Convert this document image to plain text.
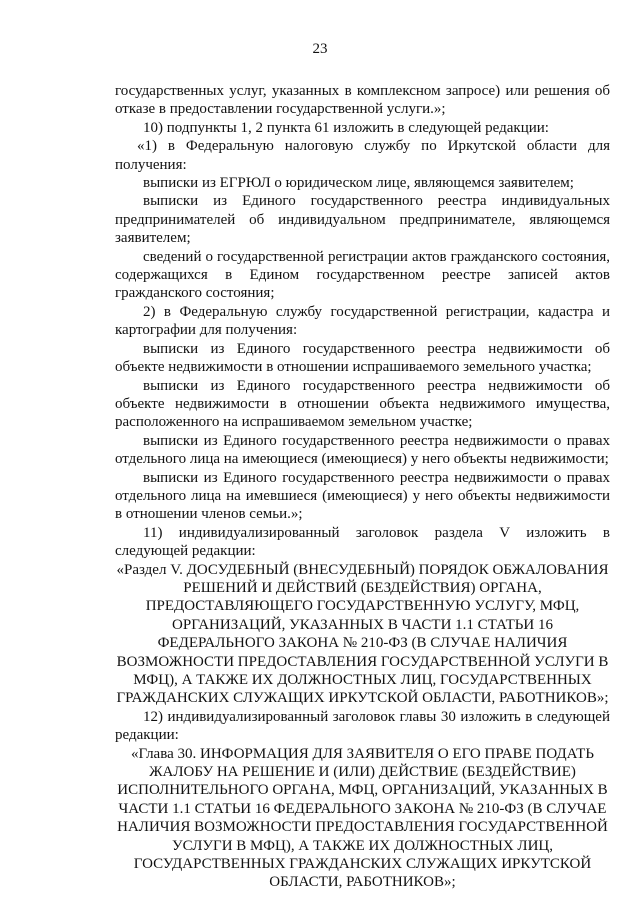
23

государственных услуг, указанных в комплексном запросе) или решения об отказе в предоставлении государственной услуги.»;

10) подпункты 1, 2 пункта 61 изложить в следующей редакции:

«1) в Федеральную налоговую службу по Иркутской области для получения:

выписки из ЕГРЮЛ о юридическом лице, являющемся заявителем;

выписки из Единого государственного реестра индивидуальных предпринимателей об индивидуальном предпринимателе, являющемся заявителем;

сведений о государственной регистрации актов гражданского состояния, содержащихся в Едином государственном реестре записей актов гражданского состояния;

2) в Федеральную службу государственной регистрации, кадастра и картографии для получения:

выписки из Единого государственного реестра недвижимости об объекте недвижимости в отношении испрашиваемого земельного участка;

выписки из Единого государственного реестра недвижимости об объекте недвижимости в отношении объекта недвижимого имущества, расположенного на испрашиваемом земельном участке;

выписки из Единого государственного реестра недвижимости о правах отдельного лица на имеющиеся (имеющиеся) у него объекты недвижимости;

выписки из Единого государственного реестра недвижимости о правах отдельного лица на имевшиеся (имеющиеся) у него объекты недвижимости в отношении членов семьи.»;

11) индивидуализированный заголовок раздела V изложить в следующей редакции:

«Раздел V. ДОСУДЕБНЫЙ (ВНЕСУДЕБНЫЙ) ПОРЯДОК ОБЖАЛОВАНИЯ РЕШЕНИЙ И ДЕЙСТВИЙ (БЕЗДЕЙСТВИЯ) ОРГАНА, ПРЕДОСТАВЛЯЮЩЕГО ГОСУДАРСТВЕННУЮ УСЛУГУ, МФЦ, ОРГАНИЗАЦИЙ, УКАЗАННЫХ В ЧАСТИ 1.1 СТАТЬИ 16 ФЕДЕРАЛЬНОГО ЗАКОНА № 210-ФЗ (В СЛУЧАЕ НАЛИЧИЯ ВОЗМОЖНОСТИ ПРЕДОСТАВЛЕНИЯ ГОСУДАРСТВЕННОЙ УСЛУГИ В МФЦ), А ТАКЖЕ ИХ ДОЛЖНОСТНЫХ ЛИЦ, ГОСУДАРСТВЕННЫХ ГРАЖДАНСКИХ СЛУЖАЩИХ ИРКУТСКОЙ ОБЛАСТИ, РАБОТНИКОВ»;

12) индивидуализированный заголовок главы 30 изложить в следующей редакции:

«Глава 30. ИНФОРМАЦИЯ ДЛЯ ЗАЯВИТЕЛЯ О ЕГО ПРАВЕ ПОДАТЬ ЖАЛОБУ НА РЕШЕНИЕ И (ИЛИ) ДЕЙСТВИЕ (БЕЗДЕЙСТВИЕ) ИСПОЛНИТЕЛЬНОГО ОРГАНА, МФЦ, ОРГАНИЗАЦИЙ, УКАЗАННЫХ В ЧАСТИ 1.1 СТАТЬИ 16 ФЕДЕРАЛЬНОГО ЗАКОНА № 210-ФЗ (В СЛУЧАЕ НАЛИЧИЯ ВОЗМОЖНОСТИ ПРЕДОСТАВЛЕНИЯ ГОСУДАРСТВЕННОЙ УСЛУГИ В МФЦ), А ТАКЖЕ ИХ ДОЛЖНОСТНЫХ ЛИЦ, ГОСУДАРСТВЕННЫХ ГРАЖДАНСКИХ СЛУЖАЩИХ ИРКУТСКОЙ ОБЛАСТИ, РАБОТНИКОВ»;
